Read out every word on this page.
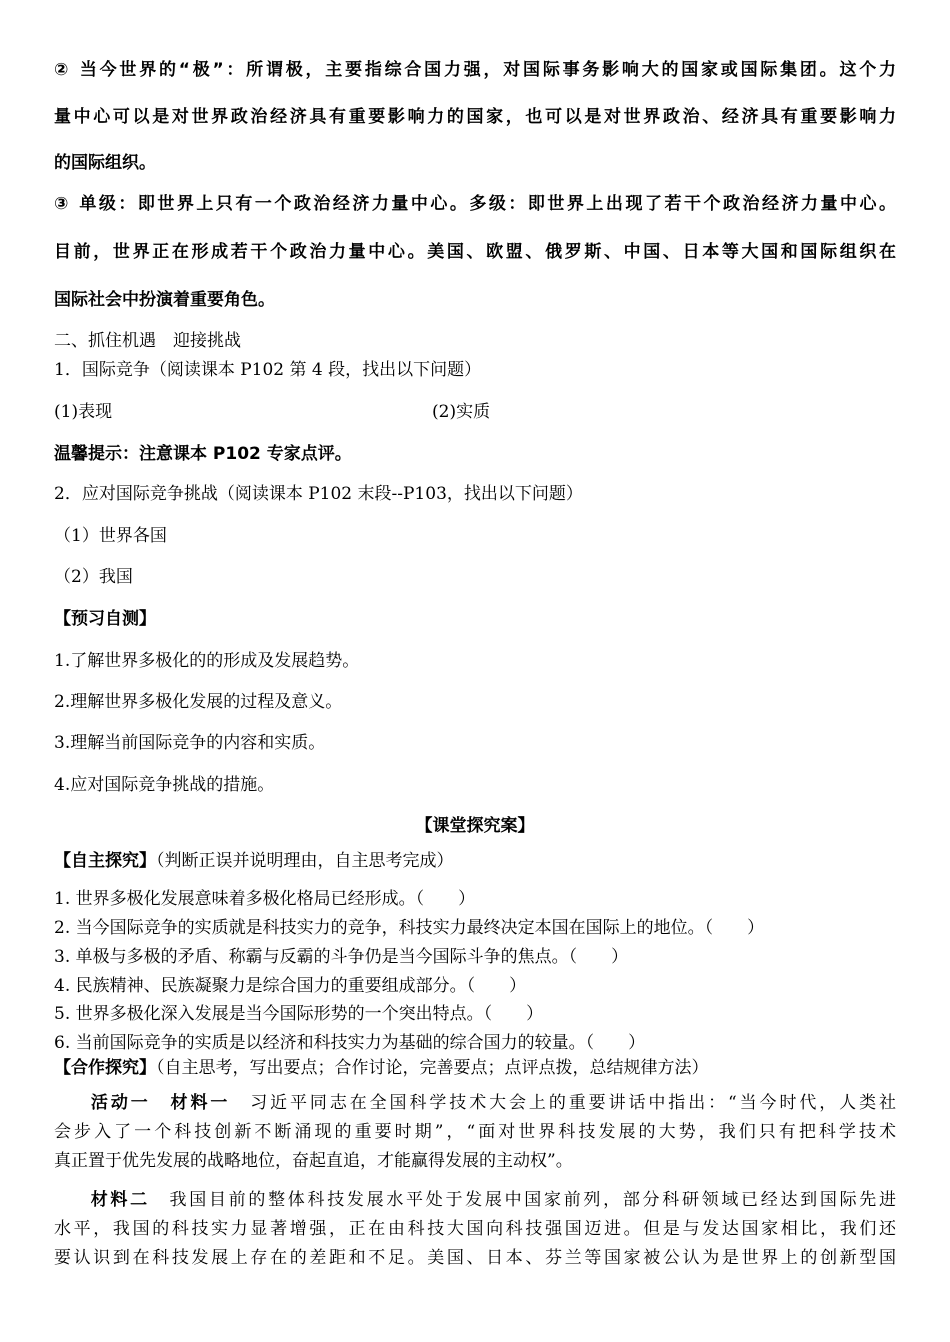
② 当今世界的“极”：所谓极，主要指综合国力强，对国际事务影响大的国家或国际集团。这个力
量中心可以是对世界政治经济具有重要影响力的国家，也可以是对世界政治、经济具有重要影响力
的国际组织。
③ 单级：即世界上只有一个政治经济力量中心。多级：即世界上出现了若干个政治经济力量中心。
目前，世界正在形成若干个政治力量中心。美国、欧盟、俄罗斯、中国、日本等大国和国际组织在
国际社会中扮演着重要角色。
二、抓住机遇　迎接挑战
1．国际竞争（阅读课本 P102 第 4 段，找出以下问题）
(1)表现	(2)实质
温馨提示：注意课本 P102 专家点评。
2．应对国际竞争挑战（阅读课本 P102 末段--P103，找出以下问题）
（1）世界各国
（2）我国
【预习自测】
1.了解世界多极化的的形成及发展趋势。
2.理解世界多极化发展的过程及意义。
3.理解当前国际竞争的内容和实质。
4.应对国际竞争挑战的措施。
【课堂探究案】
【自主探究】（判断正误并说明理由，自主思考完成）
1. 世界多极化发展意味着多极化格局已经形成。（　　）
2. 当今国际竞争的实质就是科技实力的竞争，科技实力最终决定本国在国际上的地位。（　　）
3. 单极与多极的矛盾、称霸与反霸的斗争仍是当今国际斗争的焦点。（　　）
4. 民族精神、民族凝聚力是综合国力的重要组成部分。（　　）
5. 世界多极化深入发展是当今国际形势的一个突出特点。（　　）
6. 当前国际竞争的实质是以经济和科技实力为基础的综合国力的较量。（　　）
【合作探究】（自主思考，写出要点；合作讨论，完善要点；点评点拨，总结规律方法）
活动一　材料一　习近平同志在全国科学技术大会上的重要讲话中指出：“当今时代，人类社
会步入了一个科技创新不断涌现的重要时期”，“面对世界科技发展的大势，我们只有把科学技术
真正置于优先发展的战略地位，奋起直追，才能赢得发展的主动权”。
材料二　我国目前的整体科技发展水平处于发展中国家前列，部分科研领域已经达到国际先进
水平，我国的科技实力显著增强，正在由科技大国向科技强国迈进。但是与发达国家相比，我们还
要认识到在科技发展上存在的差距和不足。美国、日本、芬兰等国家被公认为是世界上的创新型国
